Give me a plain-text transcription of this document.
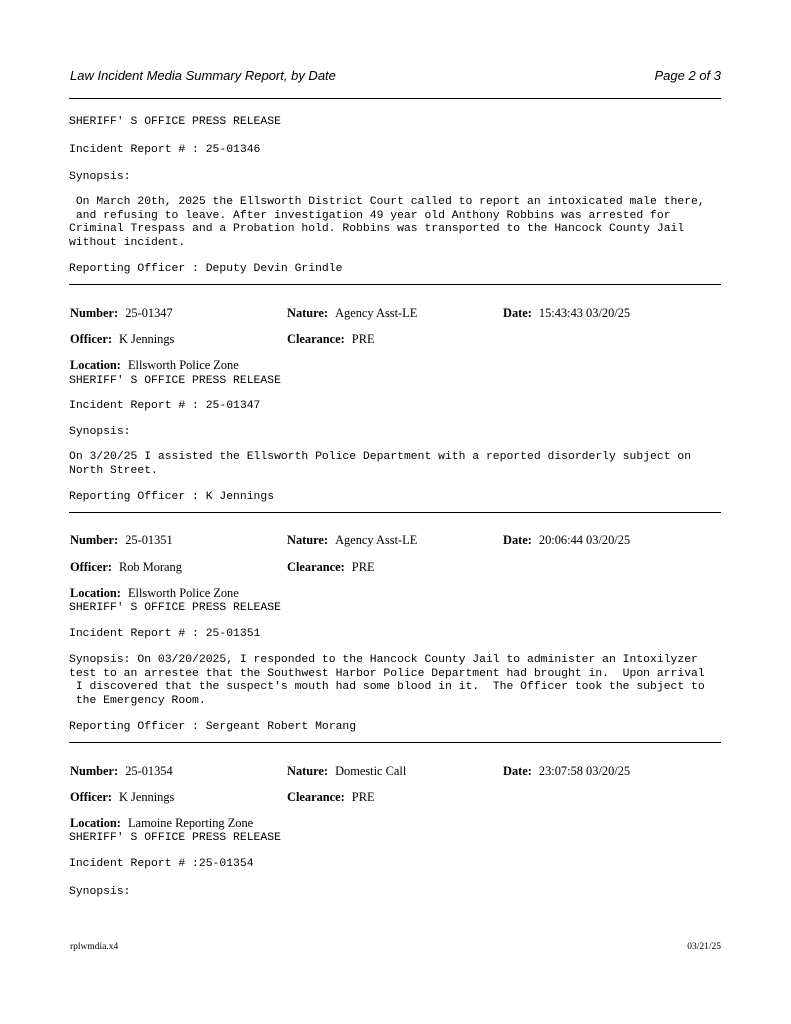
Law Incident Media Summary Report, by Date	Page 2 of 3
SHERIFF' S OFFICE PRESS RELEASE
Incident Report # : 25-01346
Synopsis:
On March 20th, 2025 the Ellsworth District Court called to report an intoxicated male there,
and refusing to leave. After investigation 49 year old Anthony Robbins was arrested for
Criminal Trespass and a Probation hold. Robbins was transported to the Hancock County Jail
without incident.
Reporting Officer : Deputy Devin Grindle
Number: 25-01347	Nature: Agency Asst-LE	Date: 15:43:43 03/20/25
Officer: K Jennings	Clearance: PRE
Location: Ellsworth Police Zone
SHERIFF' S OFFICE PRESS RELEASE
Incident Report # : 25-01347
Synopsis:
On 3/20/25 I assisted the Ellsworth Police Department with a reported disorderly subject on
North Street.
Reporting Officer : K Jennings
Number: 25-01351	Nature: Agency Asst-LE	Date: 20:06:44 03/20/25
Officer: Rob Morang	Clearance: PRE
Location: Ellsworth Police Zone
SHERIFF' S OFFICE PRESS RELEASE
Incident Report # : 25-01351
Synopsis: On 03/20/2025, I responded to the Hancock County Jail to administer an Intoxilyzer
test to an arrestee that the Southwest Harbor Police Department had brought in.  Upon arrival
I discovered that the suspect's mouth had some blood in it.  The Officer took the subject to
the Emergency Room.
Reporting Officer : Sergeant Robert Morang
Number: 25-01354	Nature: Domestic Call	Date: 23:07:58 03/20/25
Officer: K Jennings	Clearance: PRE
Location: Lamoine Reporting Zone
SHERIFF' S OFFICE PRESS RELEASE
Incident Report # :25-01354
Synopsis:
rplwmdia.x4	03/21/25
